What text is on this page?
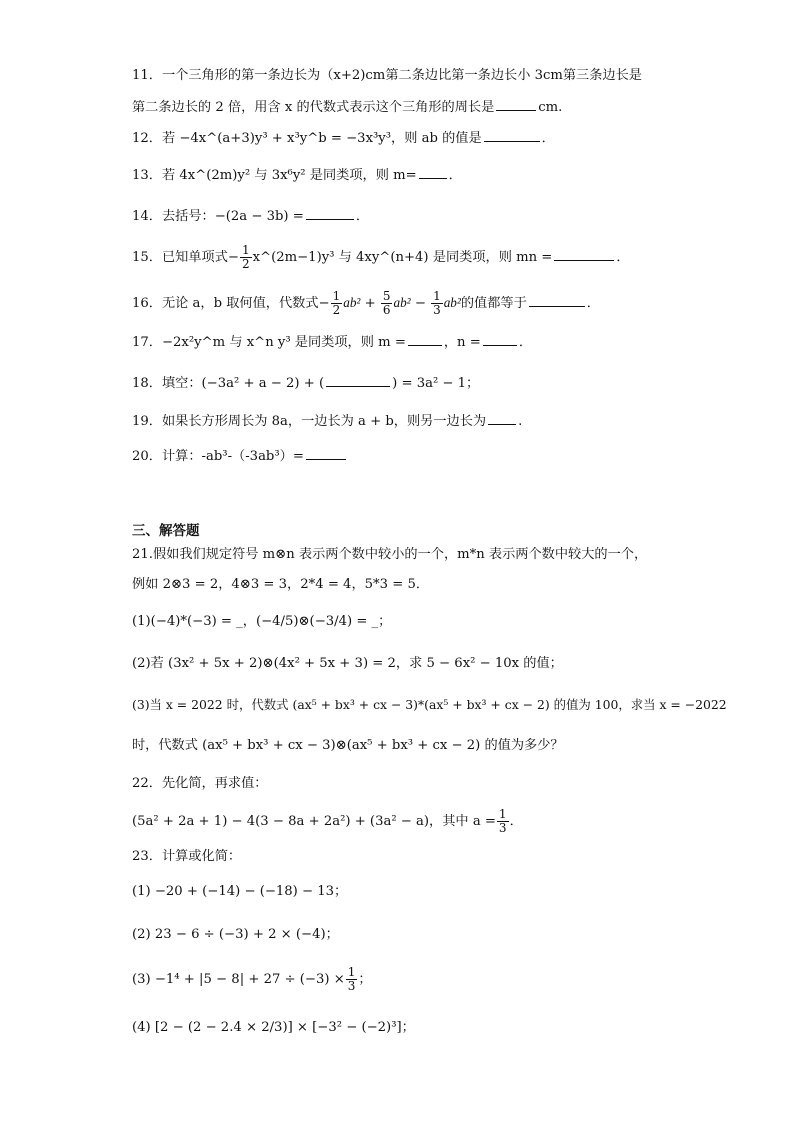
11．一个三角形的第一条边长为（x+2)cm第二条边比第一条边长小 3cm第三条边长是
第二条边长的 2 倍，用含 x 的代数式表示这个三角形的周长是	cm.
12．若 −4x^(a+3)y³ + x³y^b = −3x³y³，则 ab 的值是	．
13．若 4x^(2m)y² 与 3x⁶y² 是同类项，则 m= ．
14．去括号：−(2a − 3b) =	．
15．已知单项式− $\frac{1}{2}$ x^(2m−1)y³ 与 4xy^(n+4) 是同类项，则 mn =	．
16．无论 a，b 取何值，代数式− $\frac{1}{2} ab^2 + \frac{5}{6} ab^2 - \frac{1}{3} ab^2$的值都等于	．
17．−2x²y^m 与 x^n y³ 是同类项，则 m =	，n =	．
18．填空：(−3a² + a − 2) + (	) = 3a² − 1；
19．如果长方形周长为 8a，一边长为 a + b，则另一边长为 .
20．计算：-ab³-（-3ab³）=
三、解答题
21.假如我们规定符号 m⊗n 表示两个数中较小的一个，m*n 表示两个数中较大的一个，
例如 2⊗3 = 2，4⊗3 = 3，2*4 = 4，5*3 = 5．
(1)(−4)*(−3) = _，(−4/5)⊗(−3/4) = _；
(2)若 (3x² + 5x + 2)⊗(4x² + 5x + 3) = 2，求 5 − 6x² − 10x 的值；
(3)当 x = 2022 时，代数式 (ax⁵ + bx³ + cx − 3)*(ax⁵ + bx³ + cx − 2) 的值为 100，求当 x = −2022
时，代数式 (ax⁵ + bx³ + cx − 3)⊗(ax⁵ + bx³ + cx − 2) 的值为多少？
22．先化简，再求值：
(5a² + 2a + 1) − 4(3 − 8a + 2a²) + (3a² − a)，其中 $a = \frac{1}{3}$ ．
23．计算或化简：
(1) −20 + (−14) − (−18) − 13；
(2) 23 − 6 ÷ (−3) + 2 × (−4)；
$(3) -1^4 + |5 - 8| + 27 \div (-3) \times \frac{1}{3}$ ；
(4) [2 − (2 − 2.4 × 2/3)] × [−3² − (−2)³]；
